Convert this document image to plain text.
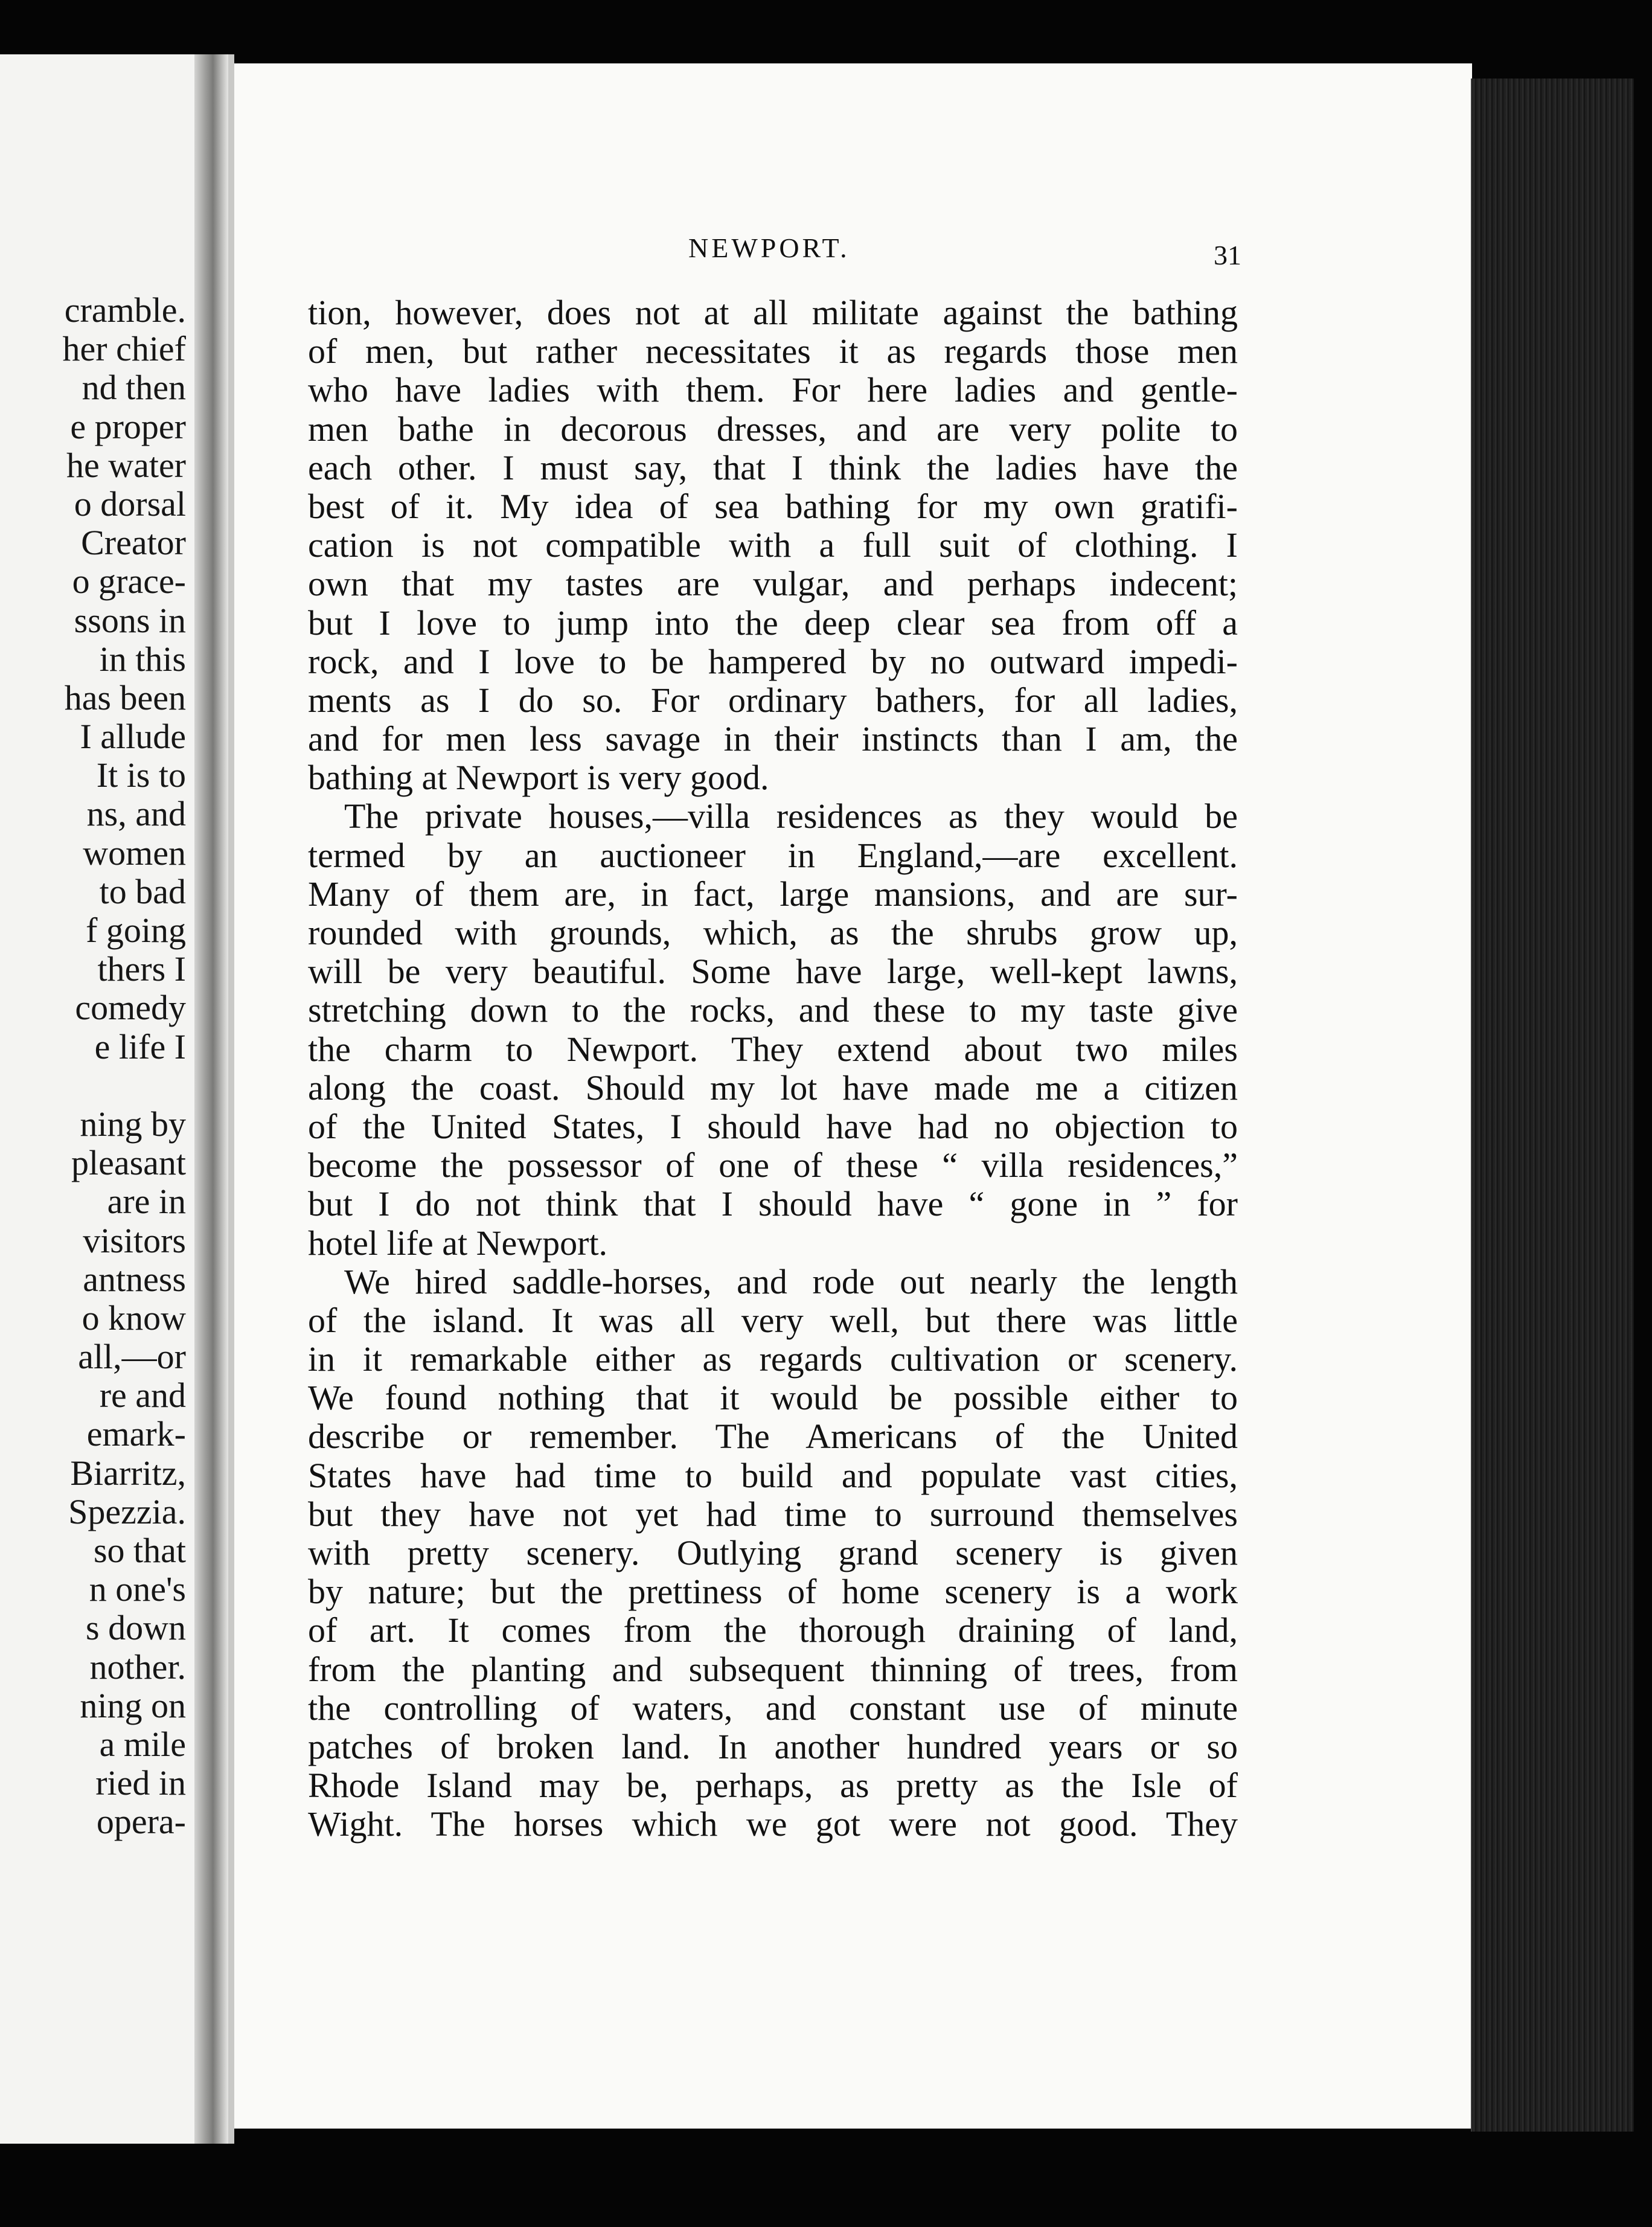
cramble.
her chief
nd then
e proper
he water
o dorsal
Creator
o grace-
ssons in
in this
has been
I allude
It is to
ns, and
women
to bad
f going
thers I
comedy
e life I
ning by
pleasant
are in
visitors
antness
o know
all,—or
re and
emark-
Biarritz,
Spezzia.
so that
n one's
s down
nother.
ning on
a mile
ried in
opera-
NEWPORT.	31
tion, however, does not at all militate against the bathing
of men, but rather necessitates it as regards those men
who have ladies with them. For here ladies and gentle-
men bathe in decorous dresses, and are very polite to
each other. I must say, that I think the ladies have the
best of it. My idea of sea bathing for my own gratifi-
cation is not compatible with a full suit of clothing. I
own that my tastes are vulgar, and perhaps indecent;
but I love to jump into the deep clear sea from off a
rock, and I love to be hampered by no outward impedi-
ments as I do so. For ordinary bathers, for all ladies,
and for men less savage in their instincts than I am, the
bathing at Newport is very good.
The private houses,—villa residences as they would be
termed by an auctioneer in England,—are excellent.
Many of them are, in fact, large mansions, and are sur-
rounded with grounds, which, as the shrubs grow up,
will be very beautiful. Some have large, well-kept lawns,
stretching down to the rocks, and these to my taste give
the charm to Newport. They extend about two miles
along the coast. Should my lot have made me a citizen
of the United States, I should have had no objection to
become the possessor of one of these “ villa residences,”
but I do not think that I should have “ gone in ” for
hotel life at Newport.
We hired saddle-horses, and rode out nearly the length
of the island. It was all very well, but there was little
in it remarkable either as regards cultivation or scenery.
We found nothing that it would be possible either to
describe or remember. The Americans of the United
States have had time to build and populate vast cities,
but they have not yet had time to surround themselves
with pretty scenery. Outlying grand scenery is given
by nature; but the prettiness of home scenery is a work
of art. It comes from the thorough draining of land,
from the planting and subsequent thinning of trees, from
the controlling of waters, and constant use of minute
patches of broken land. In another hundred years or so
Rhode Island may be, perhaps, as pretty as the Isle of
Wight. The horses which we got were not good. They
